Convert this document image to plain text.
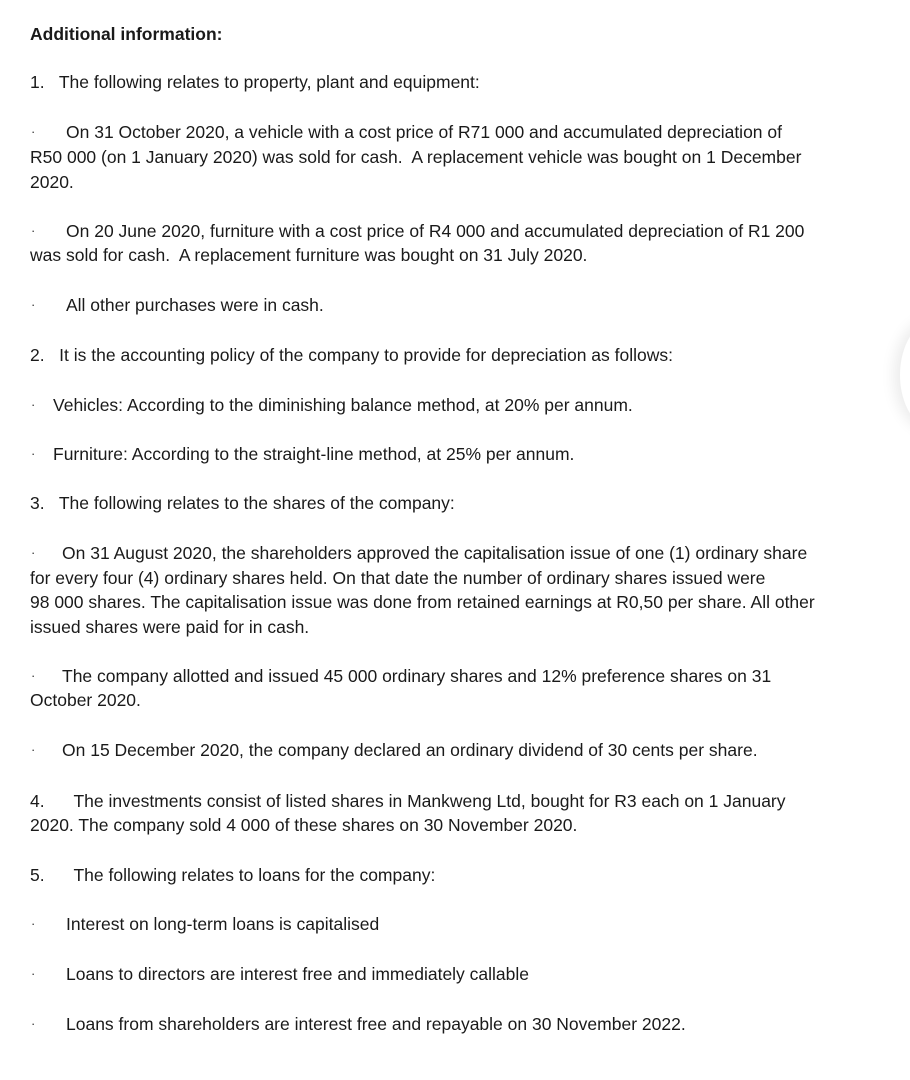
Additional information:
1.   The following relates to property, plant and equipment:
· On 31 October 2020, a vehicle with a cost price of R71 000 and accumulated depreciation of
R50 000 (on 1 January 2020) was sold for cash.  A replacement vehicle was bought on 1 December
2020.
· On 20 June 2020, furniture with a cost price of R4 000 and accumulated depreciation of R1 200
was sold for cash.  A replacement furniture was bought on 31 July 2020.
· All other purchases were in cash.
2.   It is the accounting policy of the company to provide for depreciation as follows:
· Vehicles: According to the diminishing balance method, at 20% per annum.
· Furniture: According to the straight-line method, at 25% per annum.
3.   The following relates to the shares of the company:
· On 31 August 2020, the shareholders approved the capitalisation issue of one (1) ordinary share
for every four (4) ordinary shares held. On that date the number of ordinary shares issued were
98 000 shares. The capitalisation issue was done from retained earnings at R0,50 per share. All other
issued shares were paid for in cash.
· The company allotted and issued 45 000 ordinary shares and 12% preference shares on 31
October 2020.
· On 15 December 2020, the company declared an ordinary dividend of 30 cents per share.
4.      The investments consist of listed shares in Mankweng Ltd, bought for R3 each on 1 January
2020. The company sold 4 000 of these shares on 30 November 2020.
5.      The following relates to loans for the company:
· Interest on long-term loans is capitalised
· Loans to directors are interest free and immediately callable
· Loans from shareholders are interest free and repayable on 30 November 2022.
